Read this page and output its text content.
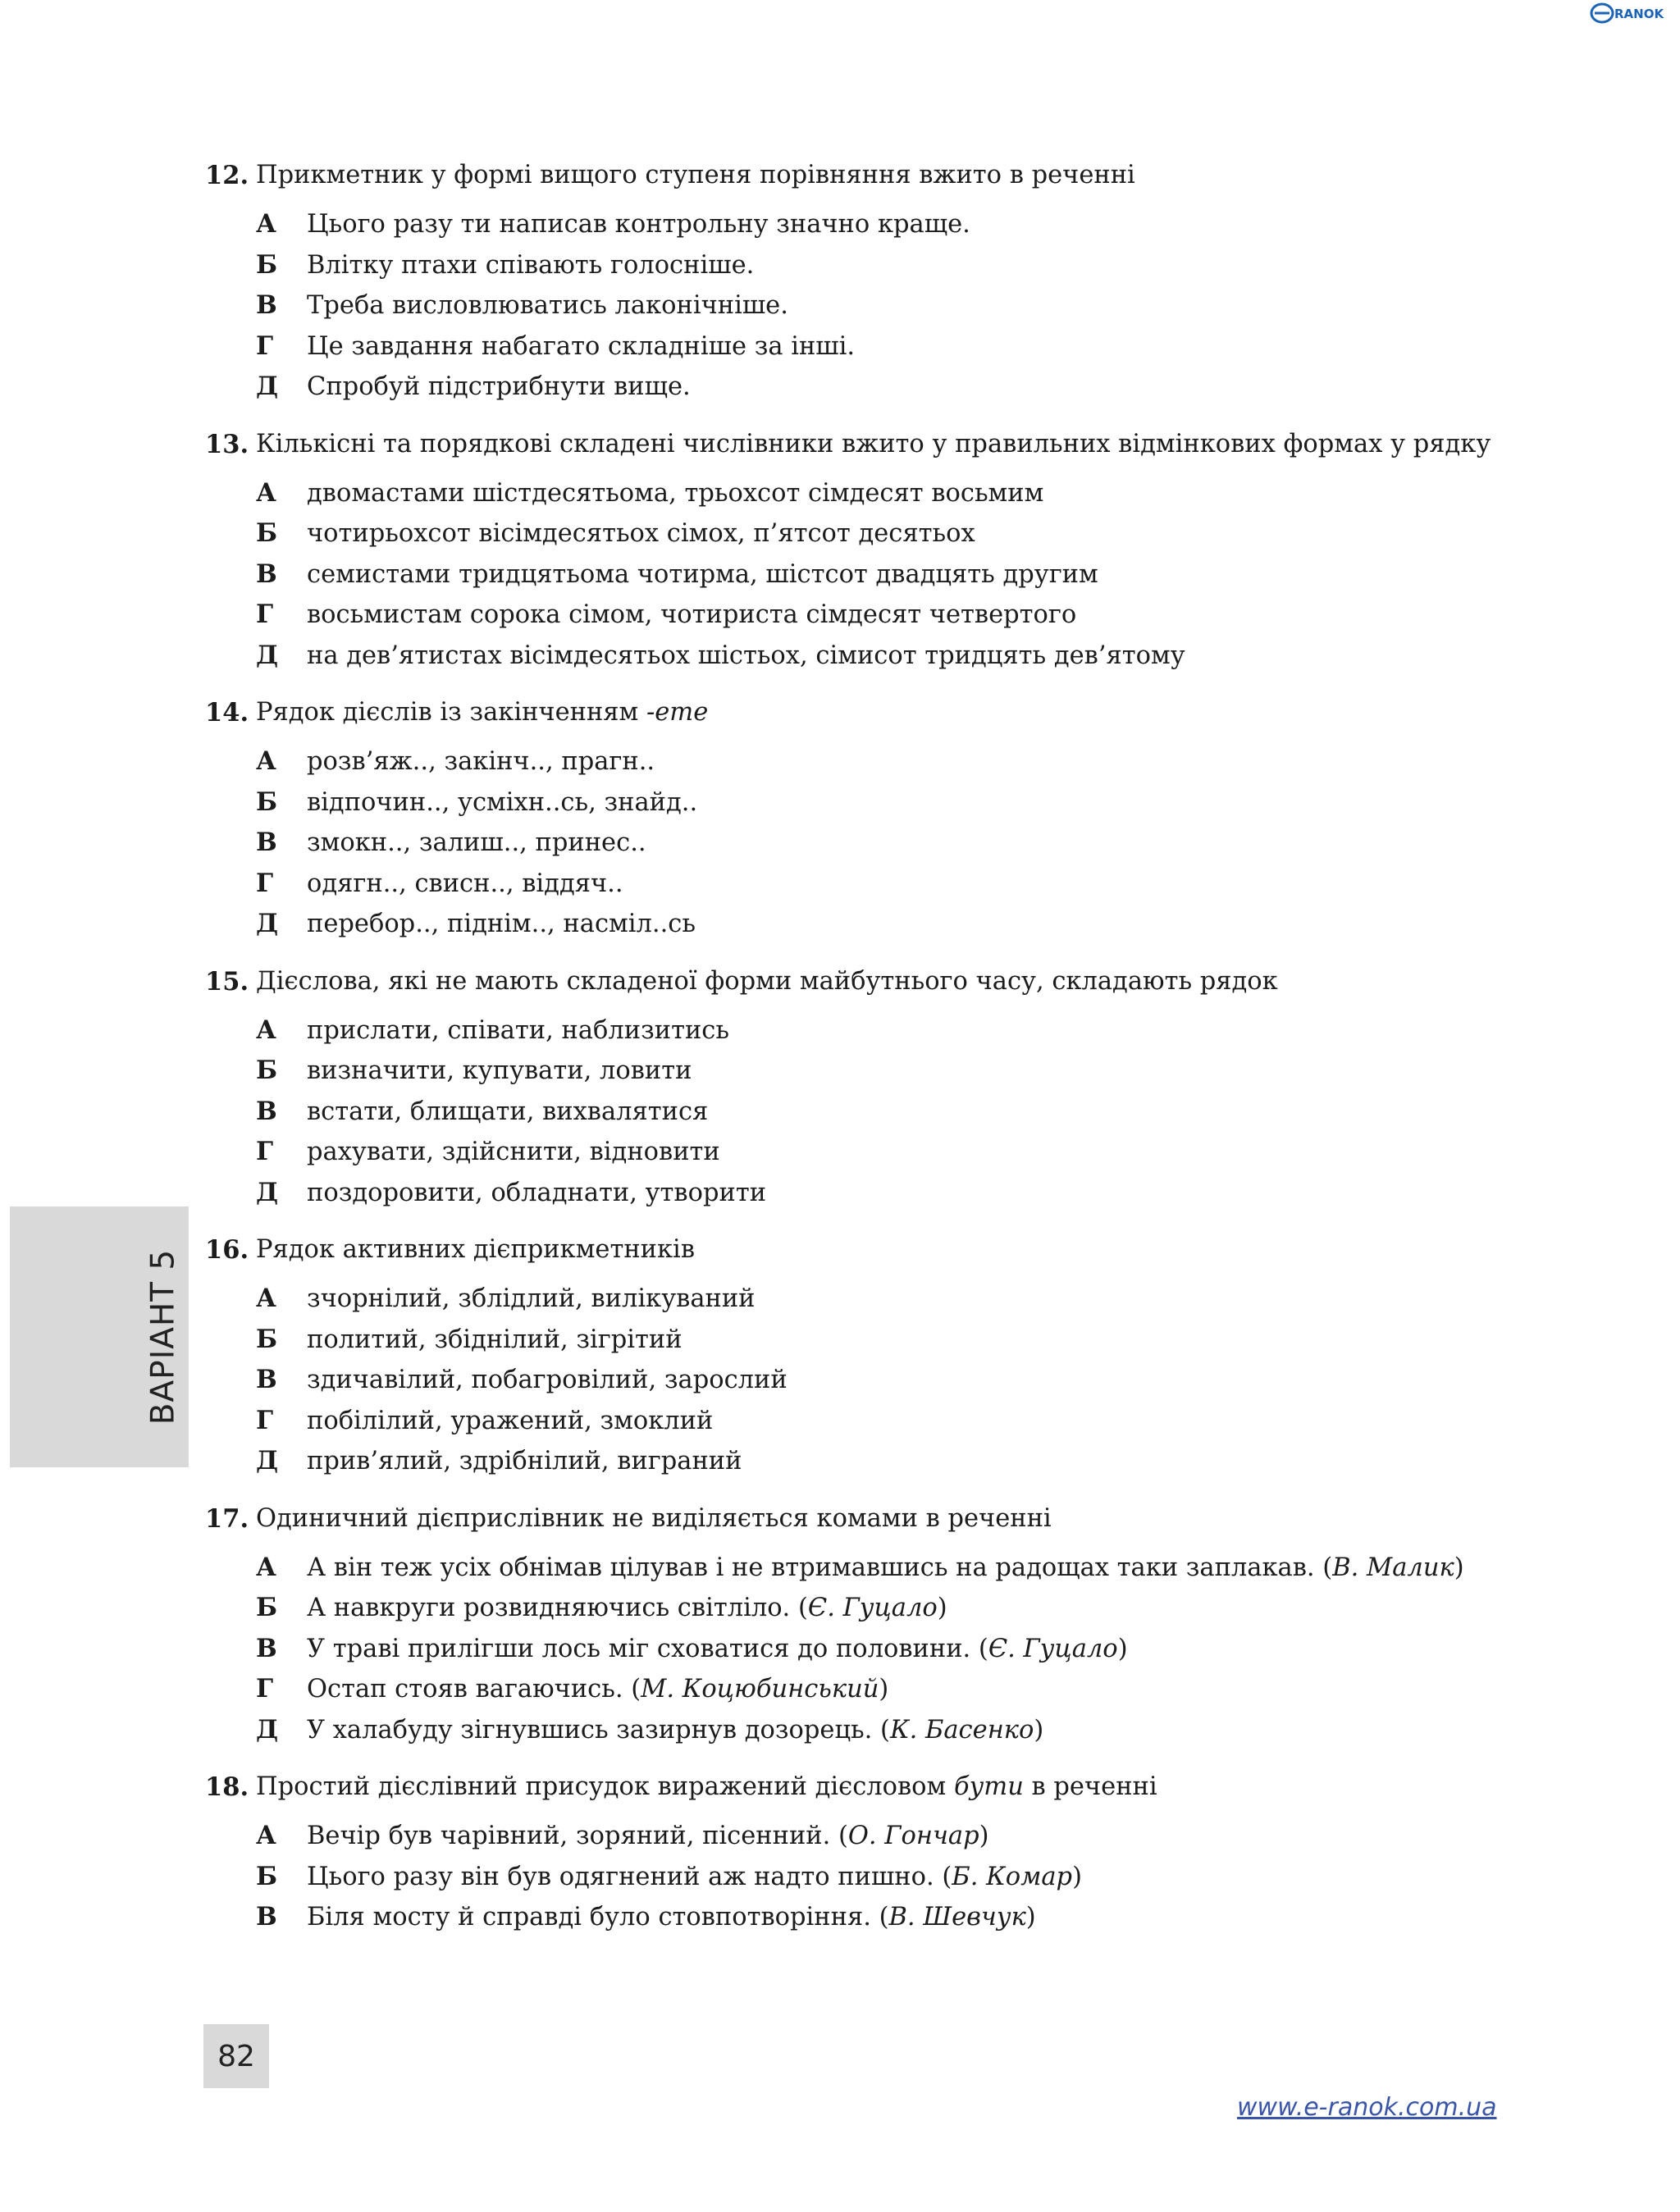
RANOK
ВАРІАНТ 5
12. Прикметник у формі вищого ступеня порівняння вжито в реченні
А Цього разу ти написав контрольну значно краще.
Б Влітку птахи співають голосніше.
В Треба висловлюватись лаконічніше.
Г Це завдання набагато складніше за інші.
Д Спробуй підстрибнути вище.
13. Кількісні та порядкові складені числівники вжито у правильних відмінкових формах у рядку
А двомастами шістдесятьома, трьохсот сімдесят восьмим
Б чотирьохсот вісімдесятьох сімох, п’ятсот десятьох
В семистами тридцятьома чотирма, шістсот двадцять другим
Г восьмистам сорока сімом, чотириста сімдесят четвертого
Д на дев’ятистах вісімдесятьох шістьох, сімисот тридцять дев’ятому
14. Рядок дієслів із закінченням -ете
А розв’яж.., закінч.., прагн..
Б відпочин.., усміхн..сь, знайд..
В змокн.., залиш.., принес..
Г одягн.., свисн.., віддяч..
Д перебор.., піднім.., насміл..сь
15. Дієслова, які не мають складеної форми майбутнього часу, складають рядок
А прислати, співати, наблизитись
Б визначити, купувати, ловити
В встати, блищати, вихвалятися
Г рахувати, здійснити, відновити
Д поздоровити, обладнати, утворити
16. Рядок активних дієприкметників
А зчорнілий, зблідлий, вилікуваний
Б политий, збіднілий, зігрітий
В здичавілий, побагровілий, зарослий
Г побілілий, уражений, змоклий
Д прив’ялий, здрібнілий, виграний
17. Одиничний дієприслівник не виділяється комами в реченні
А А він теж усіх обнімав цілував і не втримавшись на радощах таки заплакав. (В. Малик)
Б А навкруги розвидняючись світліло. (Є. Гуцало)
В У траві прилігши лось міг сховатися до половини. (Є. Гуцало)
Г Остап стояв вагаючись. (М. Коцюбинський)
Д У халабуду зігнувшись зазирнув дозорець. (К. Басенко)
18. Простий дієслівний присудок виражений дієсловом бути в реченні
А Вечір був чарівний, зоряний, пісенний. (О. Гончар)
Б Цього разу він був одягнений аж надто пишно. (Б. Комар)
В Біля мосту й справді було стовпотворіння. (В. Шевчук)
82
www.e-ranok.com.ua
